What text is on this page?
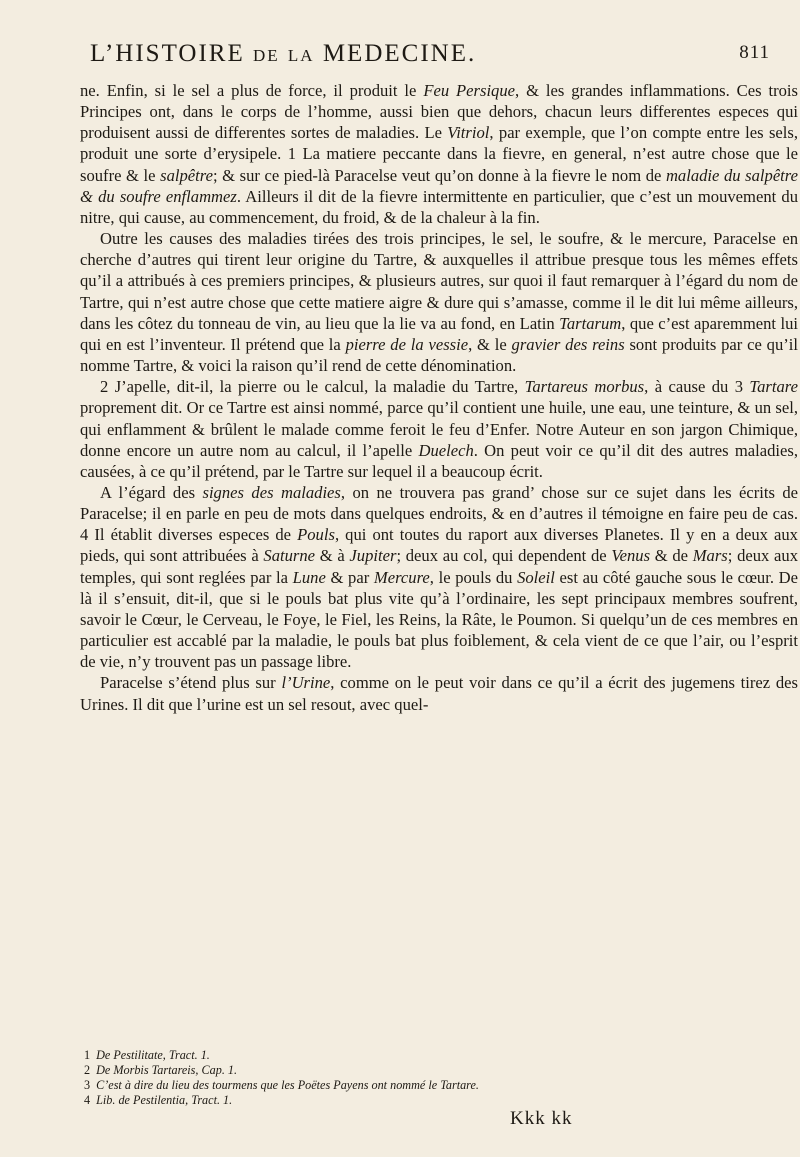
L’HISTOIRE DE LA MEDECINE.	811

ne. Enfin, si le sel a plus de force, il produit le Feu Persique, & les grandes inflammations. Ces trois Principes ont, dans le corps de l’homme, aussi bien que dehors, chacun leurs differentes especes qui produisent aussi de differentes sortes de maladies. Le Vitriol, par exemple, que l’on compte entre les sels, produit une sorte d’erysipele. 1 La matiere peccante dans la fievre, en general, n’est autre chose que le soufre & le salpêtre; & sur ce pied-là Paracelse veut qu’on donne à la fievre le nom de maladie du salpêtre & du soufre enflammez. Ailleurs il dit de la fievre intermittente en particulier, que c’est un mouvement du nitre, qui cause, au commencement, du froid, & de la chaleur à la fin.

Outre les causes des maladies tirées des trois principes, le sel, le soufre, & le mercure, Paracelse en cherche d’autres qui tirent leur origine du Tartre, & auxquelles il attribue presque tous les mêmes effets qu’il a attribués à ces premiers principes, & plusieurs autres, sur quoi il faut remarquer à l’égard du nom de Tartre, qui n’est autre chose que cette matiere aigre & dure qui s’amasse, comme il le dit lui même ailleurs, dans les côtez du tonneau de vin, au lieu que la lie va au fond, en Latin Tartarum, que c’est aparemment lui qui en est l’inventeur. Il prétend que la pierre de la vessie, & le gravier des reins sont produits par ce qu’il nomme Tartre, & voici la raison qu’il rend de cette dénomination.

2 J’apelle, dit-il, la pierre ou le calcul, la maladie du Tartre, Tartareus morbus, à cause du 3 Tartare proprement dit. Or ce Tartre est ainsi nommé, parce qu’il contient une huile, une eau, une teinture, & un sel, qui enflamment & brûlent le malade comme feroit le feu d’Enfer. Notre Auteur en son jargon Chimique, donne encore un autre nom au calcul, il l’apelle Duelech. On peut voir ce qu’il dit des autres maladies, causées, à ce qu’il prétend, par le Tartre sur lequel il a beaucoup écrit.

A l’égard des signes des maladies, on ne trouvera pas grand’ chose sur ce sujet dans les écrits de Paracelse; il en parle en peu de mots dans quelques endroits, & en d’autres il témoigne en faire peu de cas. 4 Il établit diverses especes de Pouls, qui ont toutes du raport aux diverses Planetes. Il y en a deux aux pieds, qui sont attribuées à Saturne & à Jupiter; deux au col, qui dependent de Venus & de Mars; deux aux temples, qui sont reglées par la Lune & par Mercure, le pouls du Soleil est au côté gauche sous le cœur. De là il s’ensuit, dit-il, que si le pouls bat plus vite qu’à l’ordinaire, les sept principaux membres soufrent, savoir le Cœur, le Cerveau, le Foye, le Fiel, les Reins, la Râte, le Poumon. Si quelqu’un de ces membres en particulier est accablé par la maladie, le pouls bat plus foiblement, & cela vient de ce que l’air, ou l’esprit de vie, n’y trouvent pas un passage libre.

Paracelse s’étend plus sur l’Urine, comme on le peut voir dans ce qu’il a écrit des jugemens tirez des Urines. Il dit que l’urine est un sel resout, avec quel-

1 De Pestilitate, Tract. 1.
2 De Morbis Tartareis, Cap. 1.
3 C’est à dire du lieu des tourmens que les Poëtes Payens ont nommé le Tartare.
4 Lib. de Pestilentia, Tract. 1.
Kkk kk
